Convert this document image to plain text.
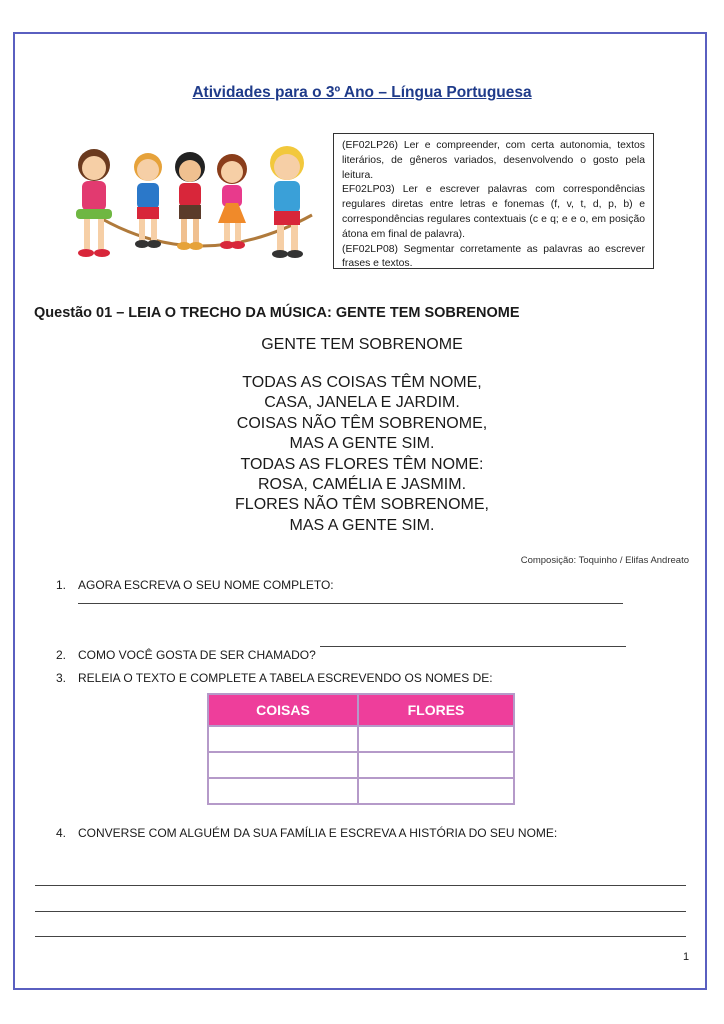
Atividades para o 3º Ano – Língua Portuguesa

(EF02LP26) Ler e compreender, com certa autonomia, textos literários, de gêneros variados, desenvolvendo o gosto pela leitura.

EF02LP03) Ler e escrever palavras com correspondências regulares diretas entre letras e fonemas (f, v, t, d, p, b) e correspondências regulares contextuais (c e q; e e o, em posição átona em final de palavra).

(EF02LP08) Segmentar corretamente as palavras ao escrever frases e textos.

Questão 01 – LEIA O TRECHO DA MÚSICA: GENTE TEM SOBRENOME
GENTE TEM SOBRENOME
TODAS AS COISAS TÊM NOME,
CASA, JANELA E JARDIM.
COISAS NÃO TÊM SOBRENOME,
MAS A GENTE SIM.
TODAS AS FLORES TÊM NOME:
ROSA, CAMÉLIA E JASMIM.
FLORES NÃO TÊM SOBRENOME,
MAS A GENTE SIM.
Composição: Toquinho / Elifas Andreato
1. AGORA ESCREVA O SEU NOME COMPLETO:
2. COMO VOCÊ GOSTA DE SER CHAMADO?
3. RELEIA O TEXTO E COMPLETE A TABELA ESCREVENDO OS NOMES DE:
COISAS	FLORES

4. CONVERSE COM ALGUÉM DA SUA FAMÍLIA E ESCREVA A HISTÓRIA DO SEU NOME:
1
